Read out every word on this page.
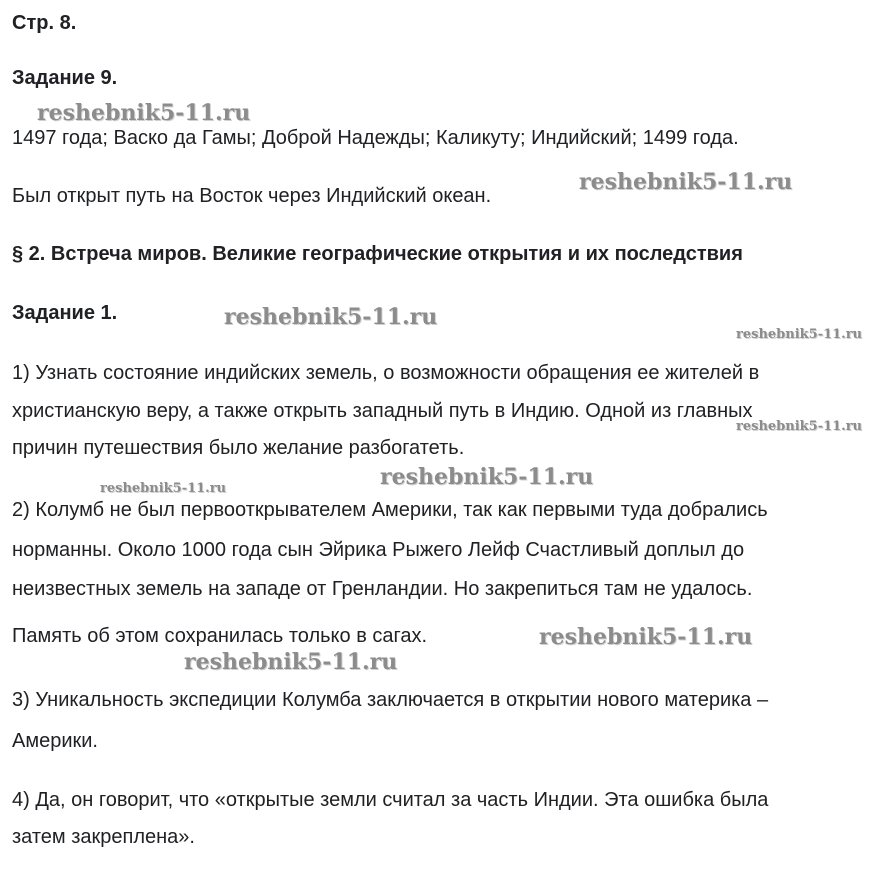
Стр. 8.
Задание 9.

1497 года; Васко да Гамы; Доброй Надежды; Каликуту; Индийский; 1499 года.

Был открыт путь на Восток через Индийский океан.

§ 2. Встреча миров. Великие географические открытия и их последствия
Задание 1.

1) Узнать состояние индийских земель, о возможности обращения ее жителей в

христианскую веру, а также открыть западный путь в Индию. Одной из главных

причин путешествия было желание разбогатеть.

2) Колумб не был первооткрывателем Америки, так как первыми туда добрались

норманны. Около 1000 года сын Эйрика Рыжего Лейф Счастливый доплыл до

неизвестных земель на западе от Гренландии. Но закрепиться там не удалось.

Память об этом сохранилась только в сагах.

3) Уникальность экспедиции Колумба заключается в открытии нового материка –

Америки.

4) Да, он говорит, что «открытые земли считал за часть Индии. Эта ошибка была

затем закреплена».

reshebnik5-11.ru
reshebnik5-11.ru
reshebnik5-11.ru
reshebnik5-11.ru
reshebnik5-11.ru
reshebnik5-11.ru
reshebnik5-11.ru
reshebnik5-11.ru
reshebnik5-11.ru
